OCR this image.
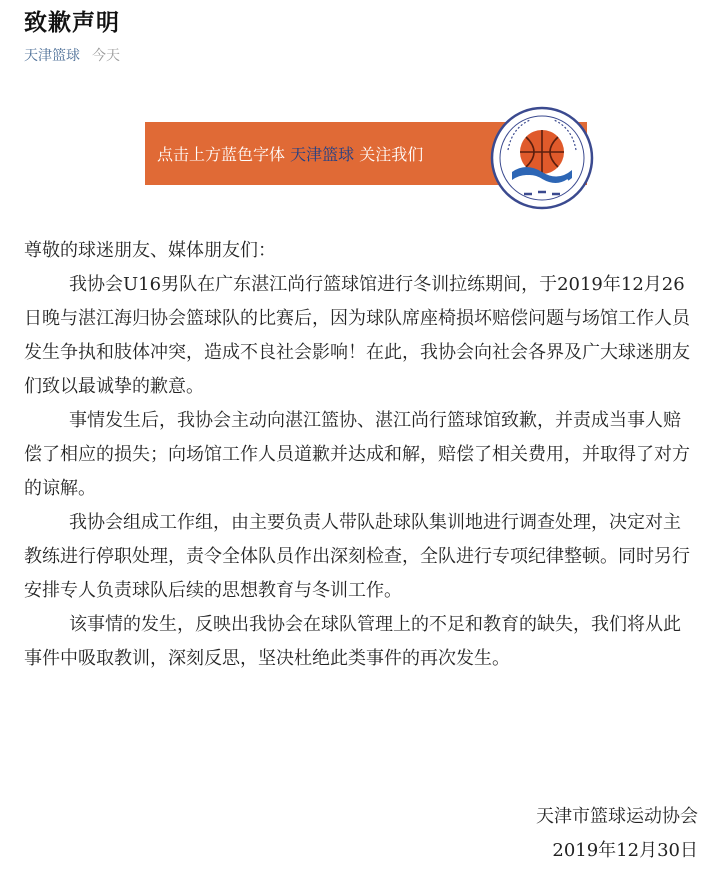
致歉声明
天津篮球 今天
点击上方蓝色字体 天津篮球 关注我们

尊敬的球迷朋友、媒体朋友们：

我协会U16男队在广东湛江尚行篮球馆进行冬训拉练期间，于2019年12月26日晚与湛江海归协会篮球队的比赛后，因为球队席座椅损坏赔偿问题与场馆工作人员发生争执和肢体冲突，造成不良社会影响！在此，我协会向社会各界及广大球迷朋友们致以最诚挚的歉意。

事情发生后，我协会主动向湛江篮协、湛江尚行篮球馆致歉，并责成当事人赔偿了相应的损失；向场馆工作人员道歉并达成和解，赔偿了相关费用，并取得了对方的谅解。

我协会组成工作组，由主要负责人带队赴球队集训地进行调查处理，决定对主教练进行停职处理，责令全体队员作出深刻检查，全队进行专项纪律整顿。同时另行安排专人负责球队后续的思想教育与冬训工作。

该事情的发生，反映出我协会在球队管理上的不足和教育的缺失，我们将从此事件中吸取教训，深刻反思，坚决杜绝此类事件的再次发生。

天津市篮球运动协会
2019年12月30日
